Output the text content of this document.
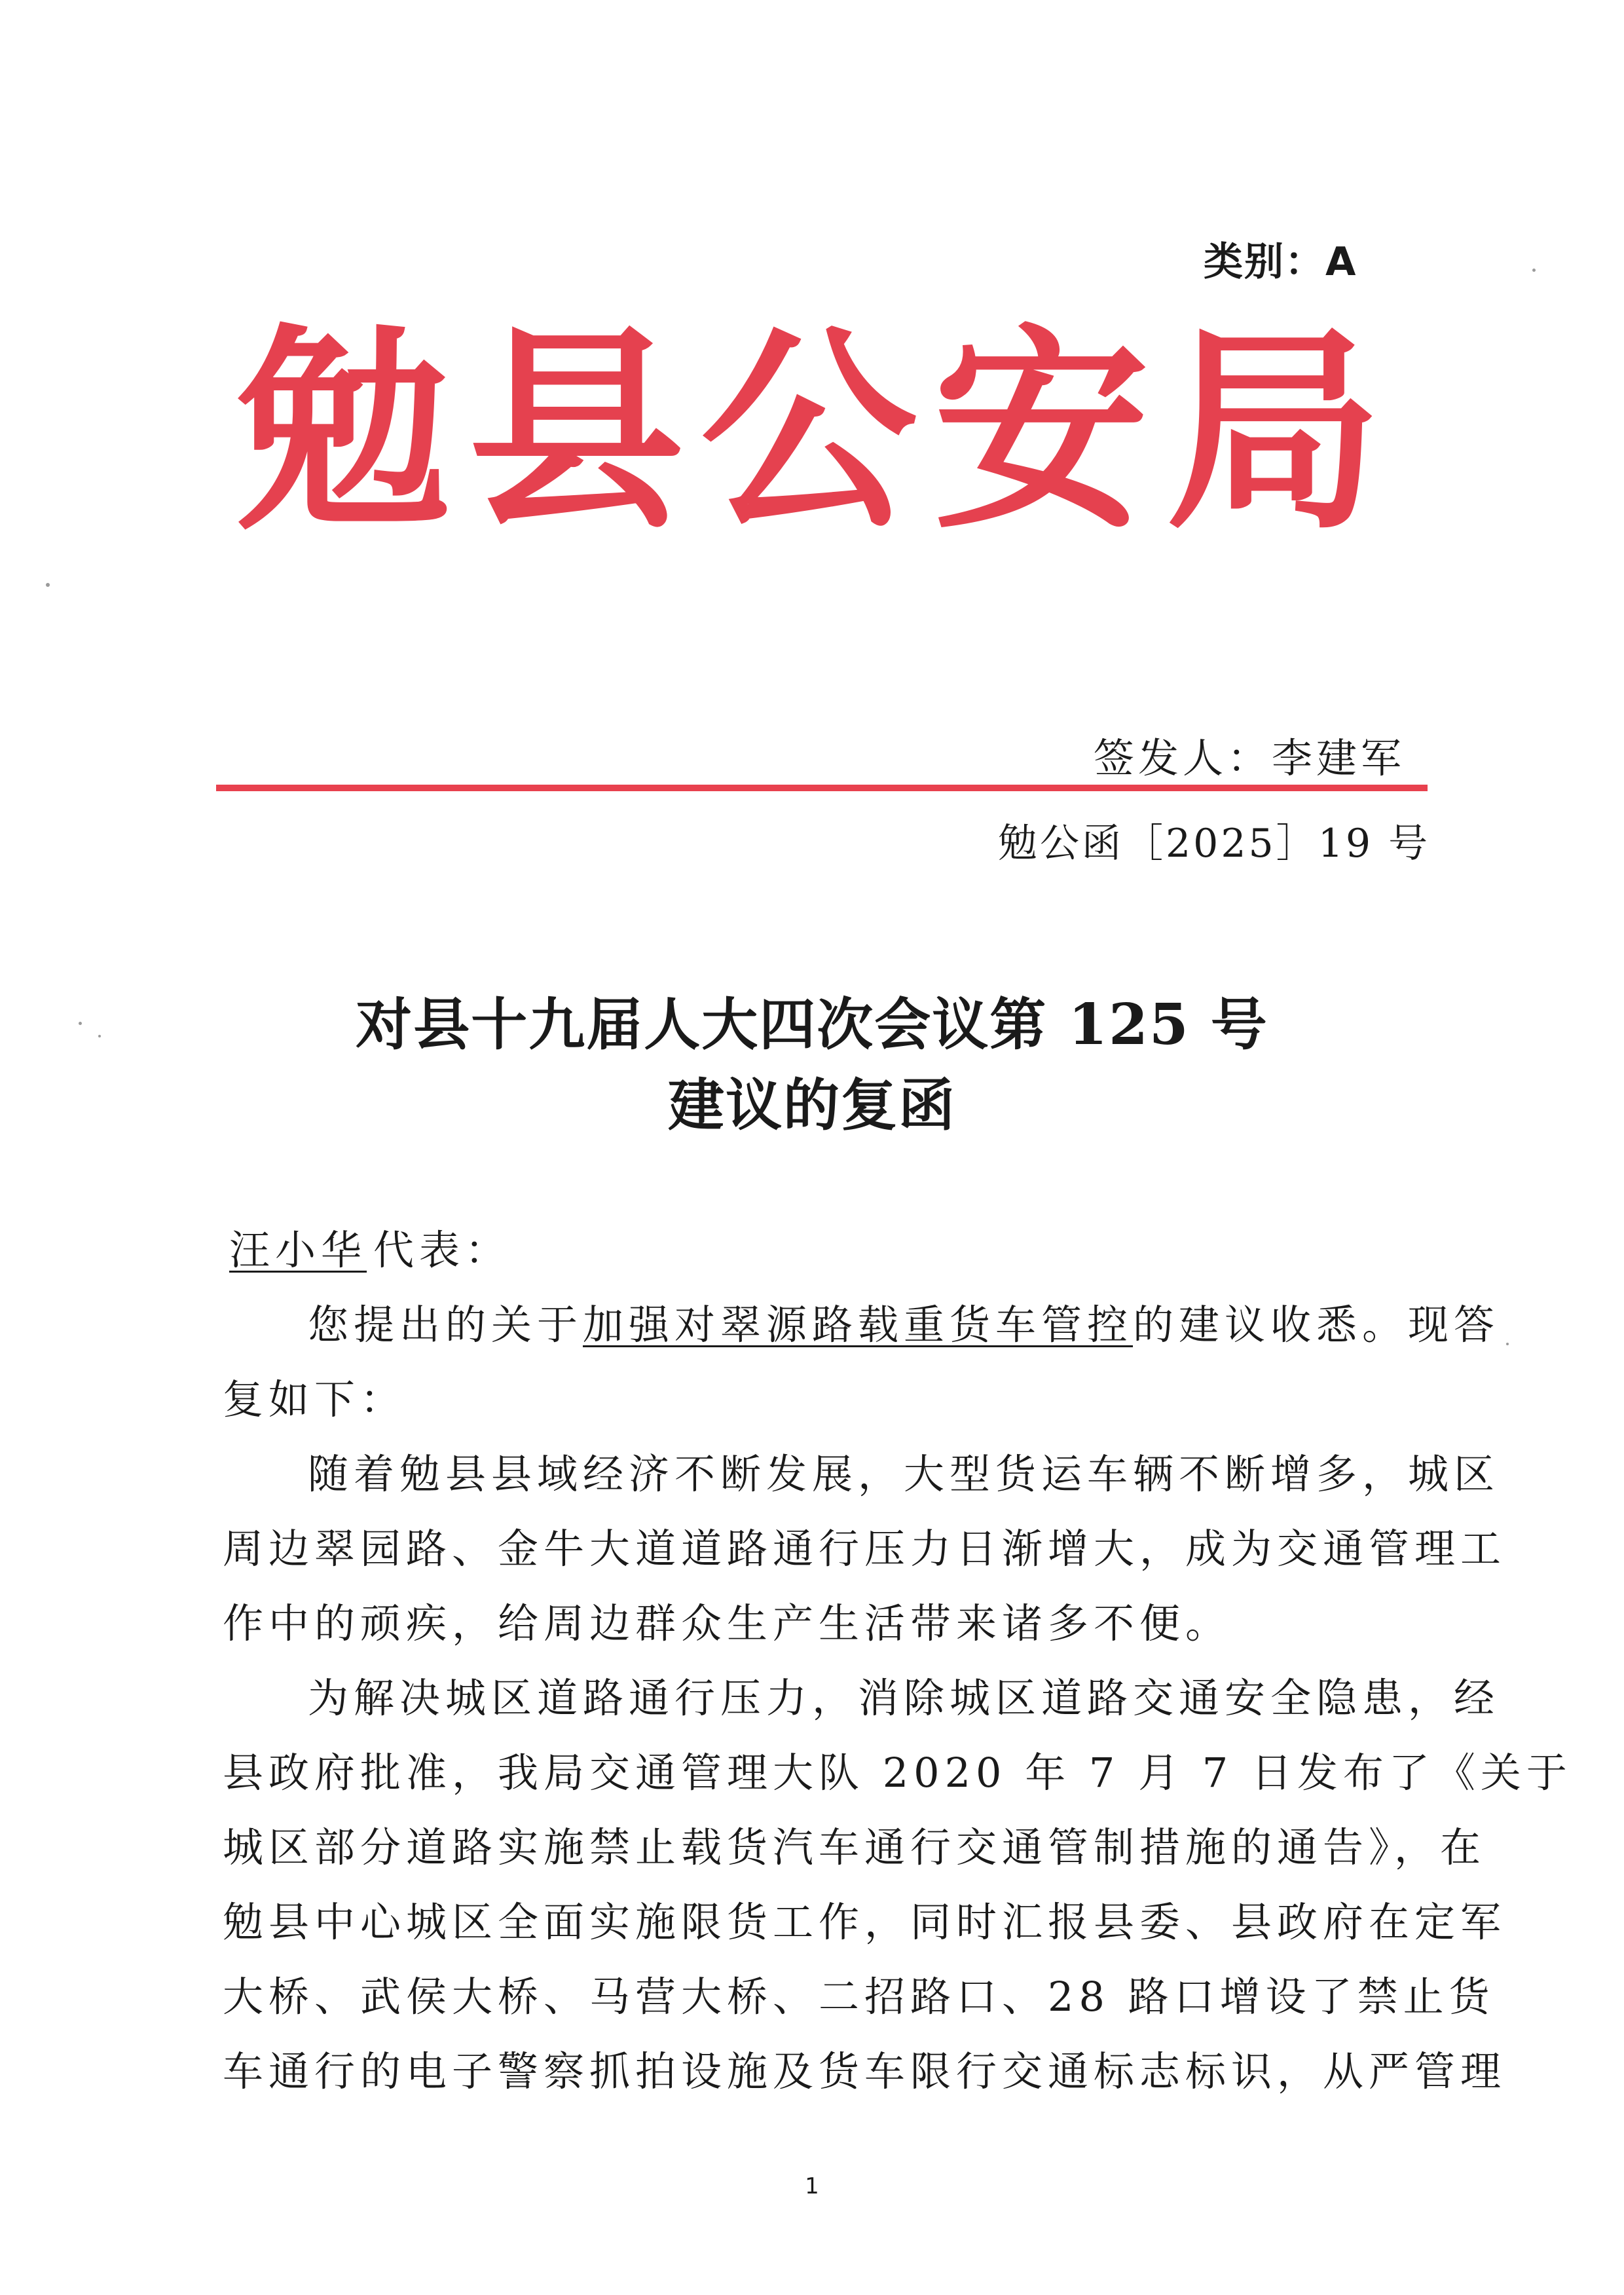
类别：A
勉 县 公 安 局
签发人：李建军
勉公函［2025］19 号
对县十九届人大四次会议第 125 号
建议的复函
汪小华 代表：
您提出的关于加强对翠源路载重货车管控的建议收悉。现答
复如下：
随着勉县县域经济不断发展，大型货运车辆不断增多，城区
周边翠园路、金牛大道道路通行压力日渐增大，成为交通管理工
作中的顽疾，给周边群众生产生活带来诸多不便。
为解决城区道路通行压力，消除城区道路交通安全隐患，经
县政府批准，我局交通管理大队 2020 年 7 月 7 日发布了《关于
城区部分道路实施禁止载货汽车通行交通管制措施的通告》，在
勉县中心城区全面实施限货工作，同时汇报县委、县政府在定军
大桥、武侯大桥、马营大桥、二招路口、28 路口增设了禁止货
车通行的电子警察抓拍设施及货车限行交通标志标识，从严管理
1
